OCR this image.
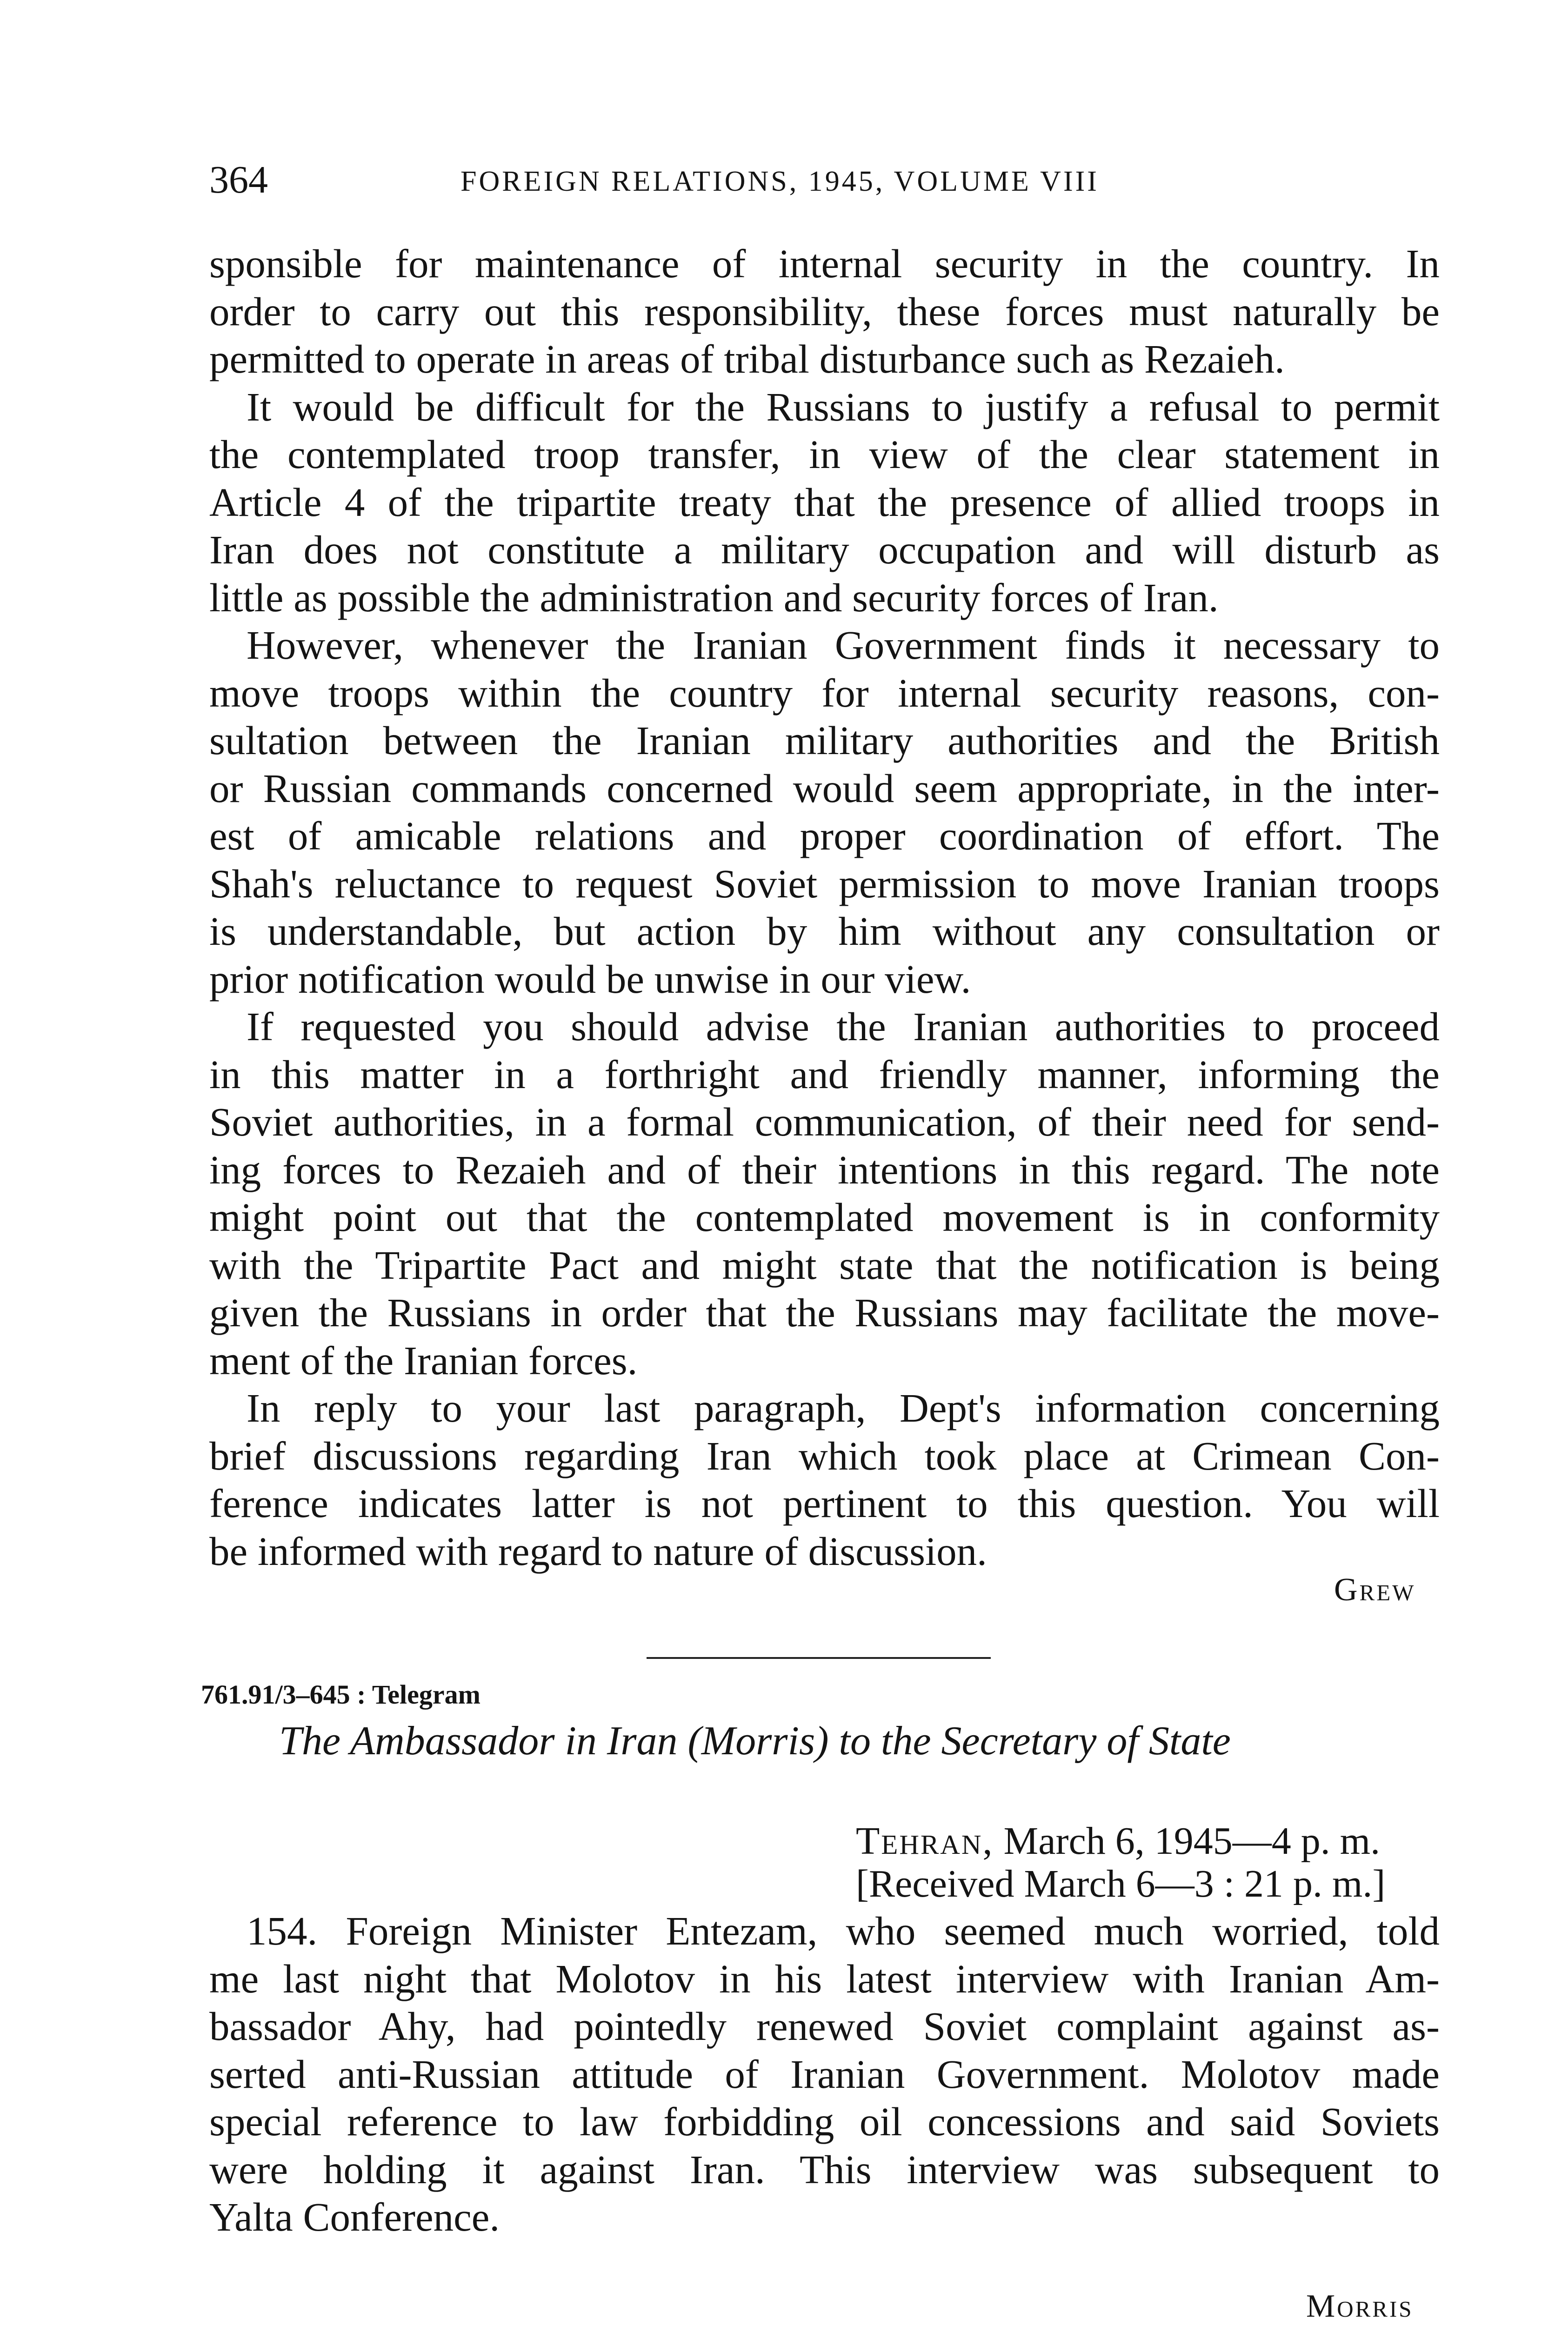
364	FOREIGN RELATIONS, 1945, VOLUME VIII

sponsible for maintenance of internal security in the country. In
order to carry out this responsibility, these forces must naturally be
permitted to operate in areas of tribal disturbance such as Rezaieh.

It would be difficult for the Russians to justify a refusal to permit
the contemplated troop transfer, in view of the clear statement in
Article 4 of the tripartite treaty that the presence of allied troops in
Iran does not constitute a military occupation and will disturb as
little as possible the administration and security forces of Iran.

However, whenever the Iranian Government finds it necessary to
move troops within the country for internal security reasons, con-
sultation between the Iranian military authorities and the British
or Russian commands concerned would seem appropriate, in the inter-
est of amicable relations and proper coordination of effort. The
Shah's reluctance to request Soviet permission to move Iranian troops
is understandable, but action by him without any consultation or
prior notification would be unwise in our view.

If requested you should advise the Iranian authorities to proceed
in this matter in a forthright and friendly manner, informing the
Soviet authorities, in a formal communication, of their need for send-
ing forces to Rezaieh and of their intentions in this regard. The note
might point out that the contemplated movement is in conformity
with the Tripartite Pact and might state that the notification is being
given the Russians in order that the Russians may facilitate the move-
ment of the Iranian forces.

In reply to your last paragraph, Dept's information concerning
brief discussions regarding Iran which took place at Crimean Con-
ference indicates latter is not pertinent to this question. You will
be informed with regard to nature of discussion.

Grew
761.91/3–645 : Telegram
The Ambassador in Iran (Morris) to the Secretary of State
Tehran, March 6, 1945—4 p. m.
[Received March 6—3 : 21 p. m.]

154. Foreign Minister Entezam, who seemed much worried, told
me last night that Molotov in his latest interview with Iranian Am-
bassador Ahy, had pointedly renewed Soviet complaint against as-
serted anti-Russian attitude of Iranian Government. Molotov made
special reference to law forbidding oil concessions and said Soviets
were holding it against Iran. This interview was subsequent to
Yalta Conference.

Morris
